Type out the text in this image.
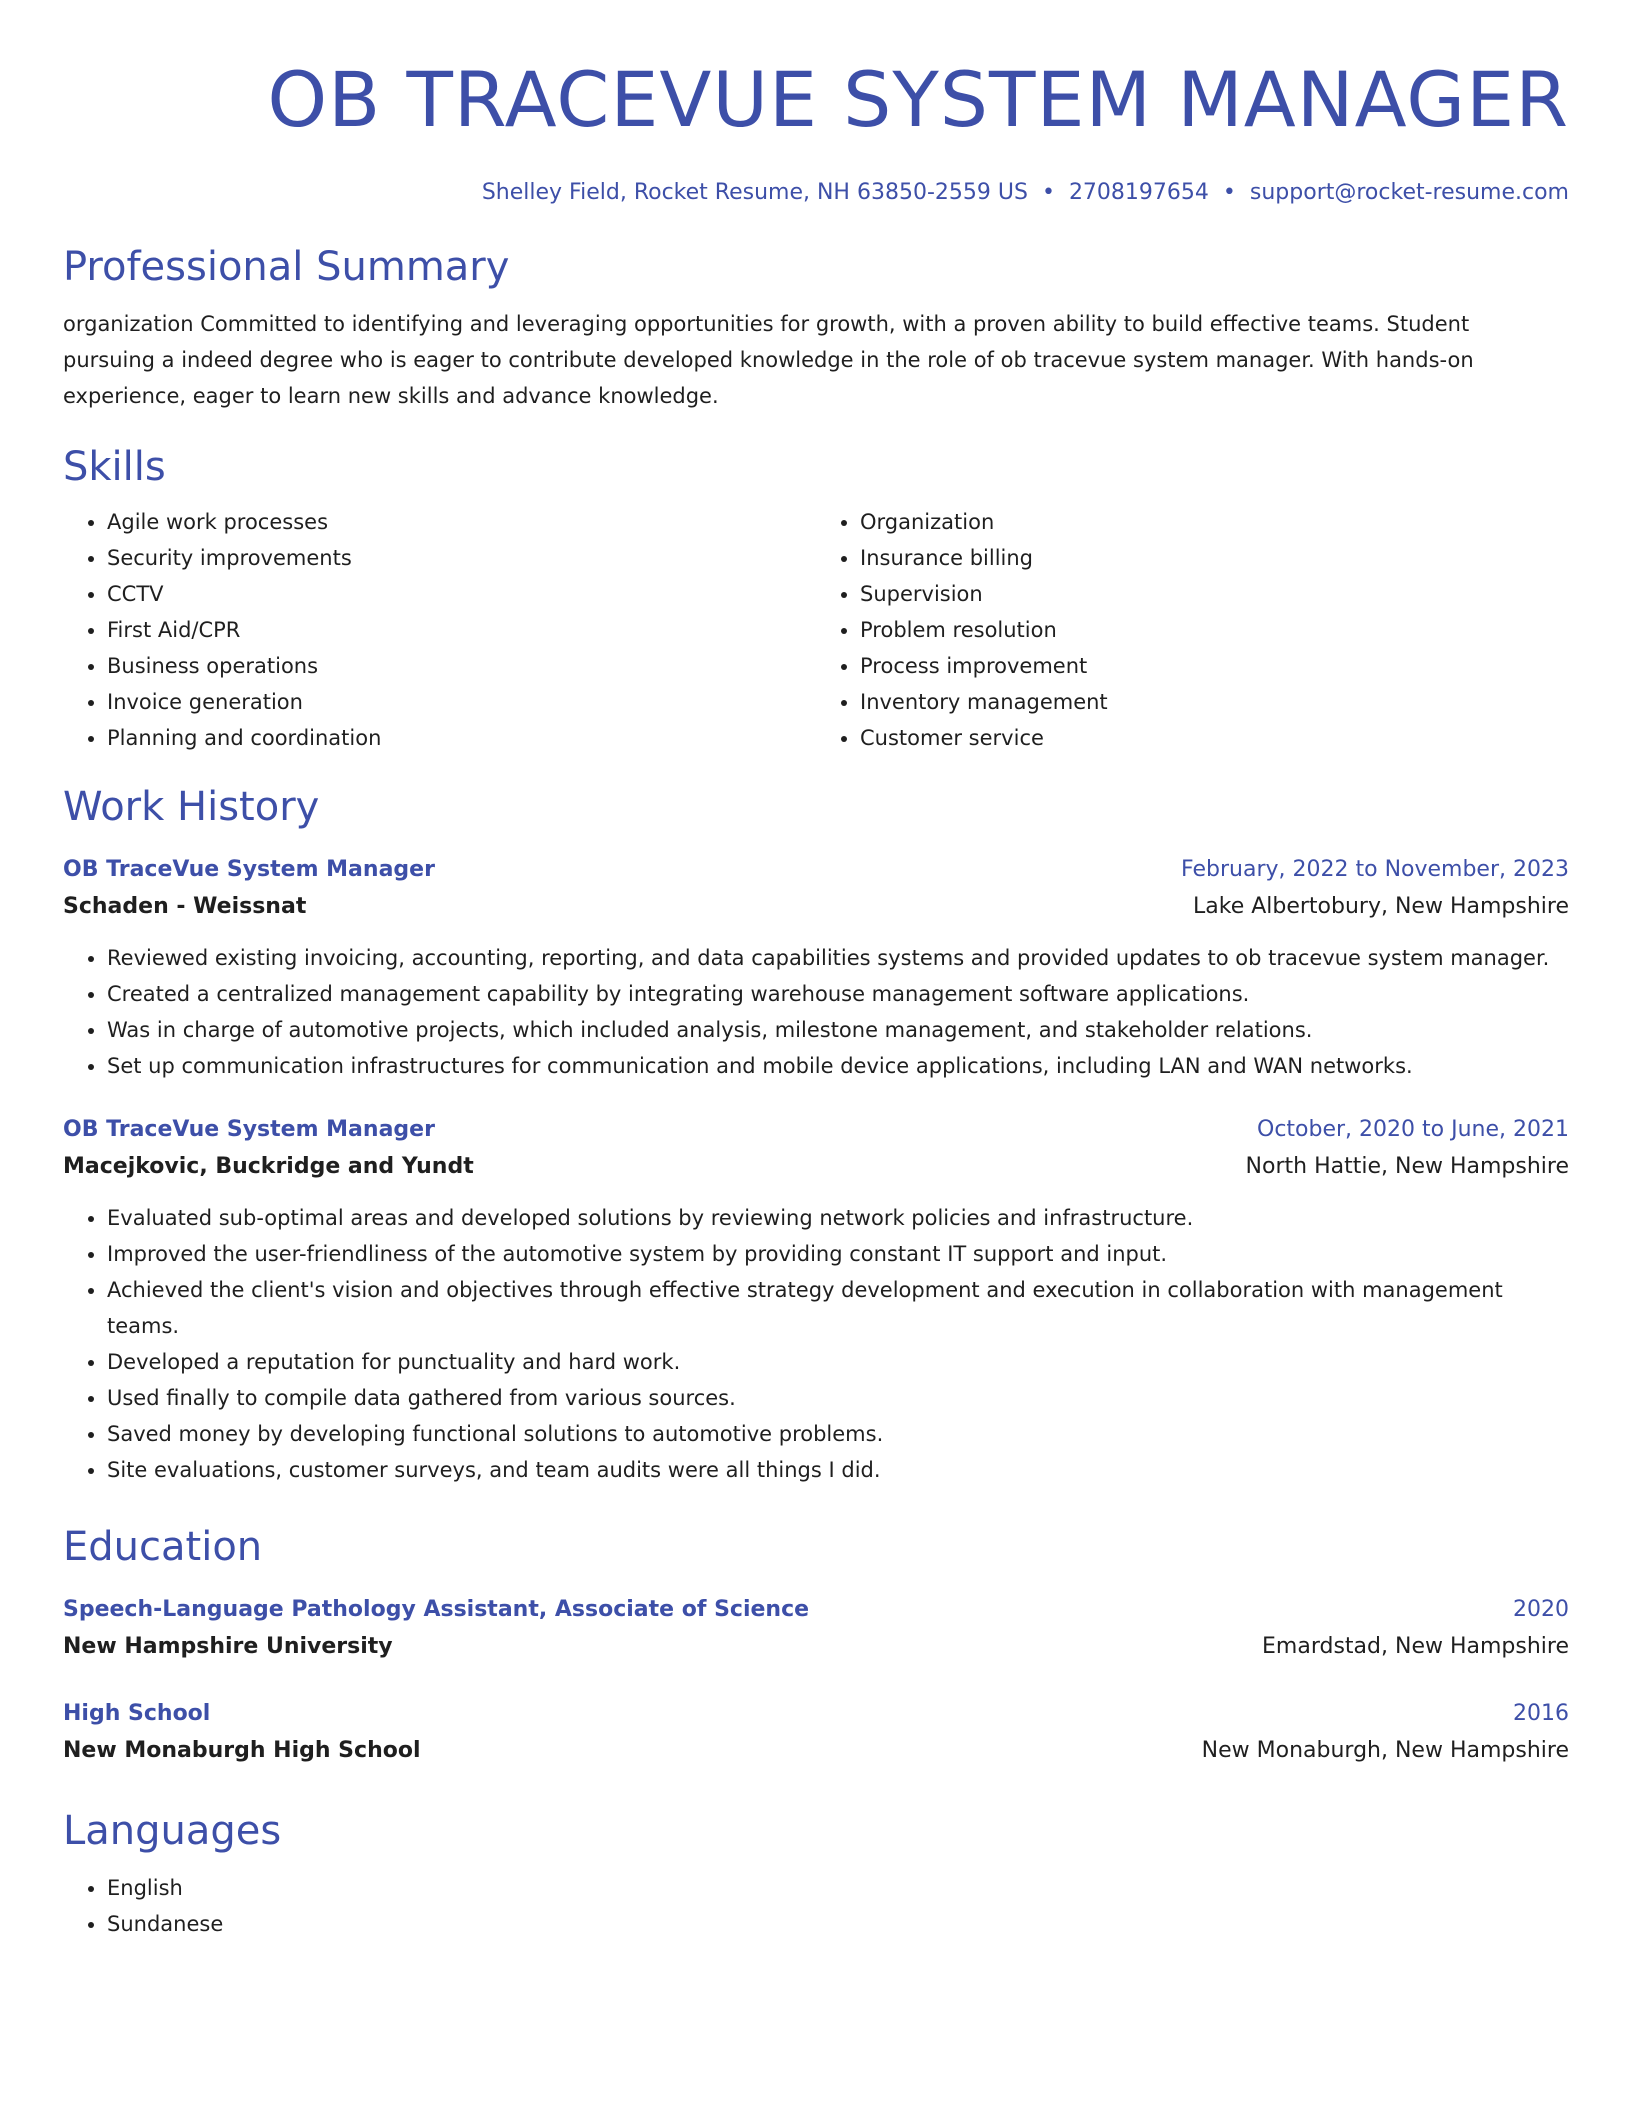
OB TRACEVUE SYSTEM MANAGER
Shelley Field, Rocket Resume, NH 63850-2559 US • 2708197654 • support@rocket-resume.com
Professional Summary
organization Committed to identifying and leveraging opportunities for growth, with a proven ability to build effective teams. Student pursuing a indeed degree who is eager to contribute developed knowledge in the role of ob tracevue system manager. With hands-on experience, eager to learn new skills and advance knowledge.
Skills
• Agile work processes
• Security improvements
• CCTV
• First Aid/CPR
• Business operations
• Invoice generation
• Planning and coordination
• Organization
• Insurance billing
• Supervision
• Problem resolution
• Process improvement
• Inventory management
• Customer service
Work History
OB TraceVue System Manager	February, 2022 to November, 2023
Schaden - Weissnat	Lake Albertobury, New Hampshire
• Reviewed existing invoicing, accounting, reporting, and data capabilities systems and provided updates to ob tracevue system manager.
• Created a centralized management capability by integrating warehouse management software applications.
• Was in charge of automotive projects, which included analysis, milestone management, and stakeholder relations.
• Set up communication infrastructures for communication and mobile device applications, including LAN and WAN networks.
OB TraceVue System Manager	October, 2020 to June, 2021
Macejkovic, Buckridge and Yundt	North Hattie, New Hampshire
• Evaluated sub-optimal areas and developed solutions by reviewing network policies and infrastructure.
• Improved the user-friendliness of the automotive system by providing constant IT support and input.
• Achieved the client's vision and objectives through effective strategy development and execution in collaboration with management teams.
• Developed a reputation for punctuality and hard work.
• Used finally to compile data gathered from various sources.
• Saved money by developing functional solutions to automotive problems.
• Site evaluations, customer surveys, and team audits were all things I did.
Education
Speech-Language Pathology Assistant, Associate of Science	2020
New Hampshire University	Emardstad, New Hampshire
High School	2016
New Monaburgh High School	New Monaburgh, New Hampshire
Languages
• English
• Sundanese
